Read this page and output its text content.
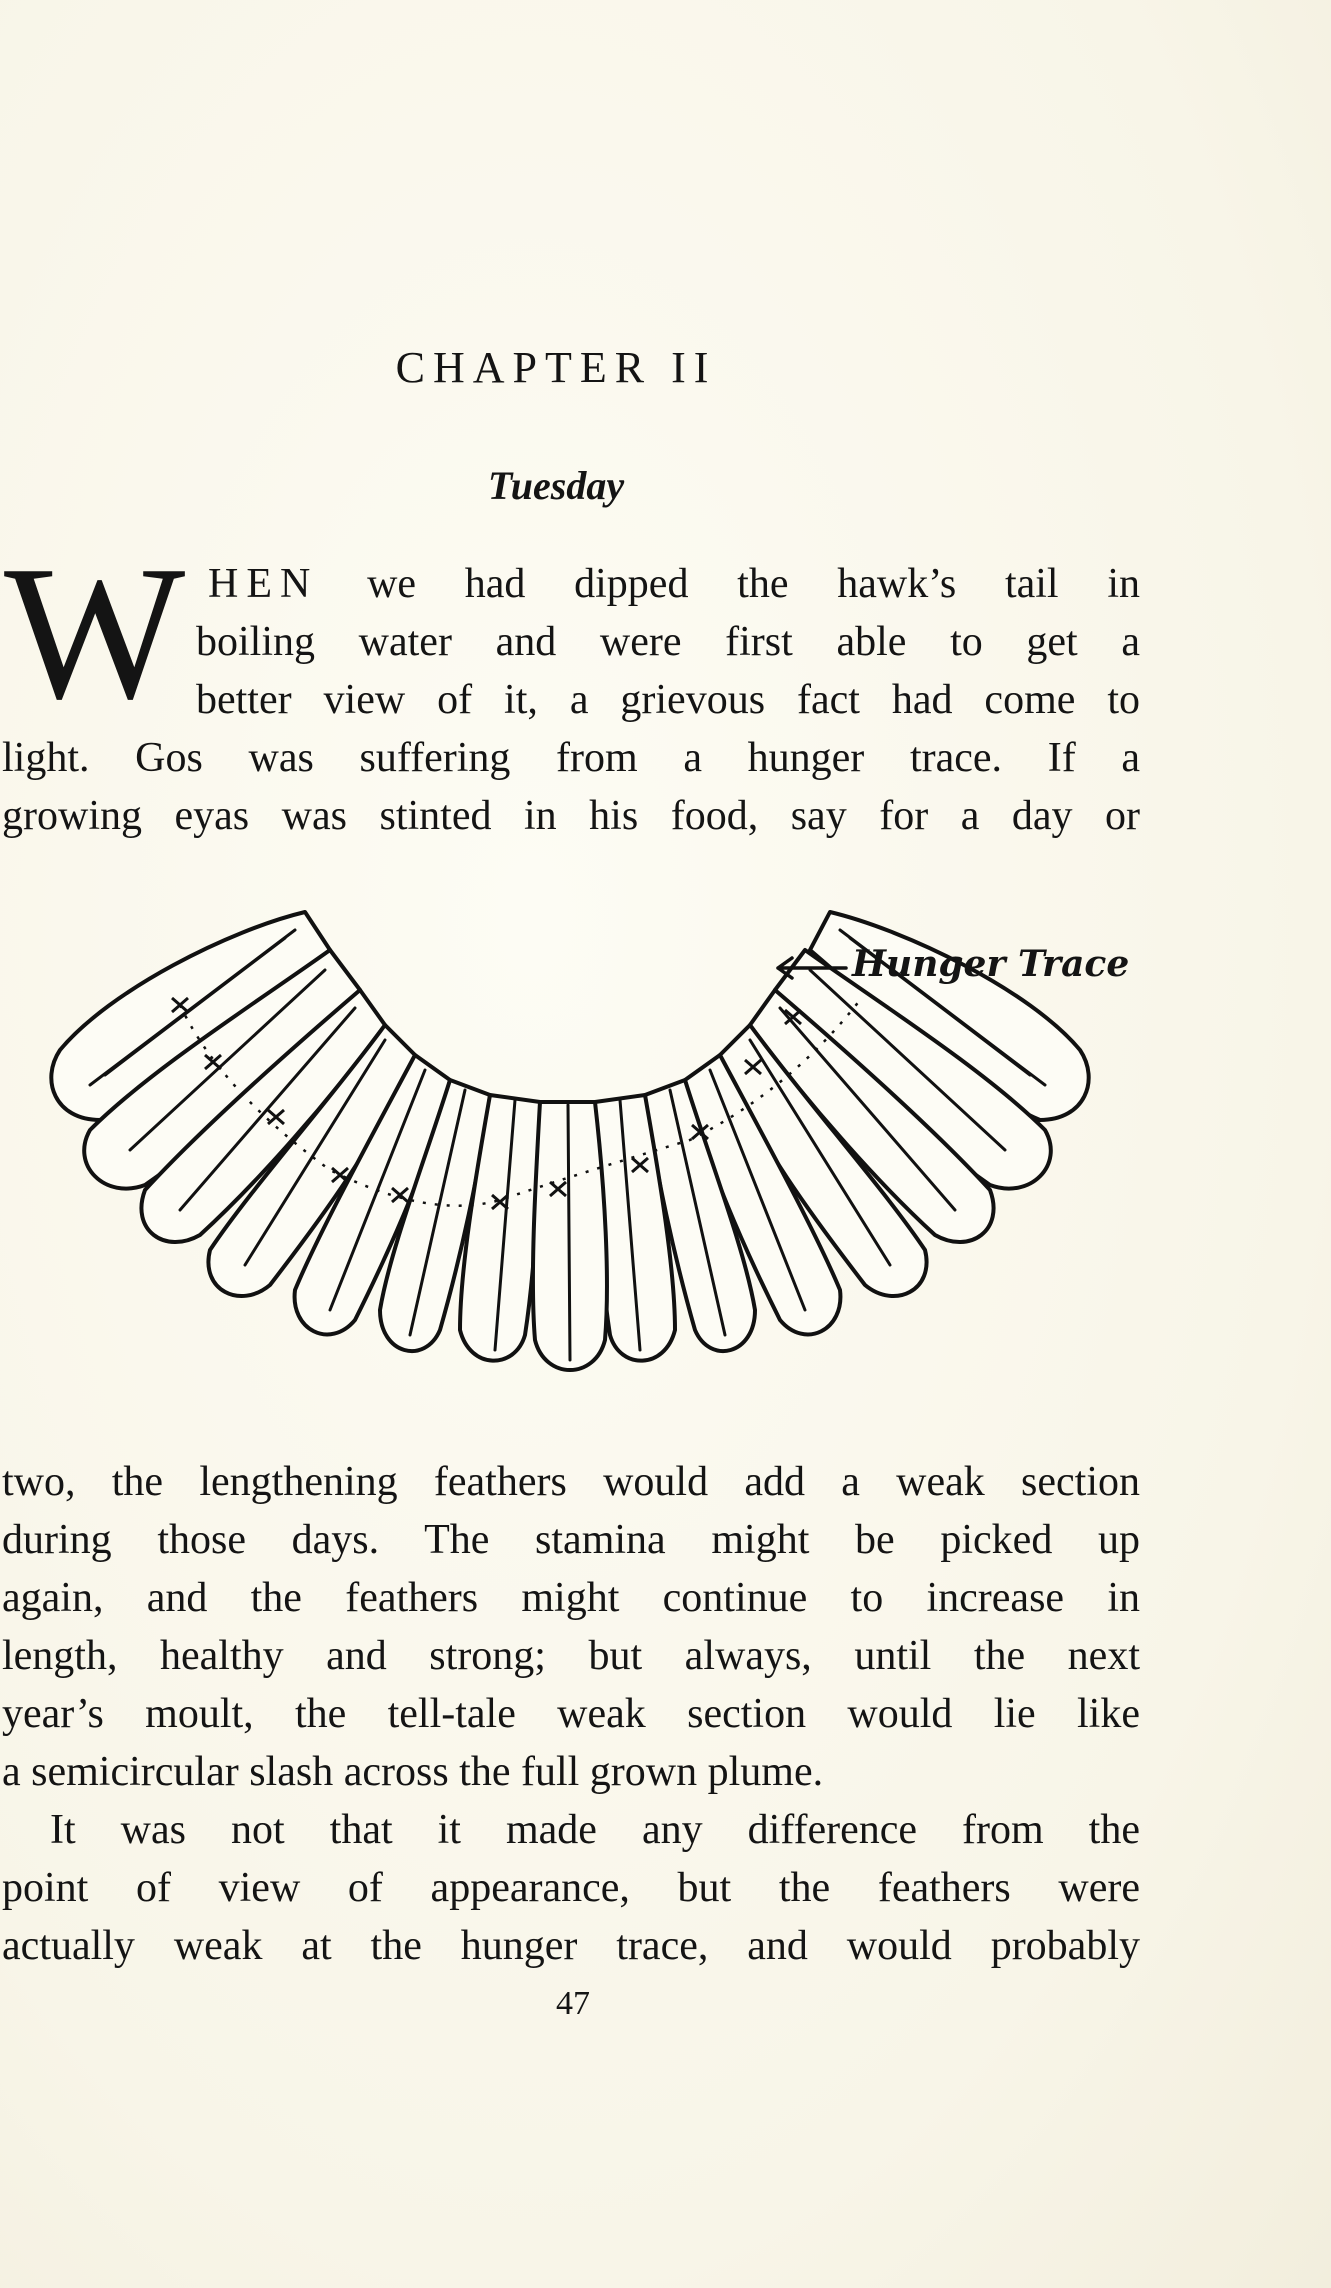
CHAPTER II
Tuesday
W HEN we had dipped the hawk’s tail in
boiling water and were first able to get a
better view of it, a grievous fact had come to
light. Gos was suffering from a hunger trace. If a
growing eyas was stinted in his food, say for a day or
Hunger Trace
two, the lengthening feathers would add a weak section
during those days. The stamina might be picked up
again, and the feathers might continue to increase in
length, healthy and strong; but always, until the next
year’s moult, the tell-tale weak section would lie like
a semicircular slash across the full grown plume.
It was not that it made any difference from the
point of view of appearance, but the feathers were
actually weak at the hunger trace, and would probably
47
